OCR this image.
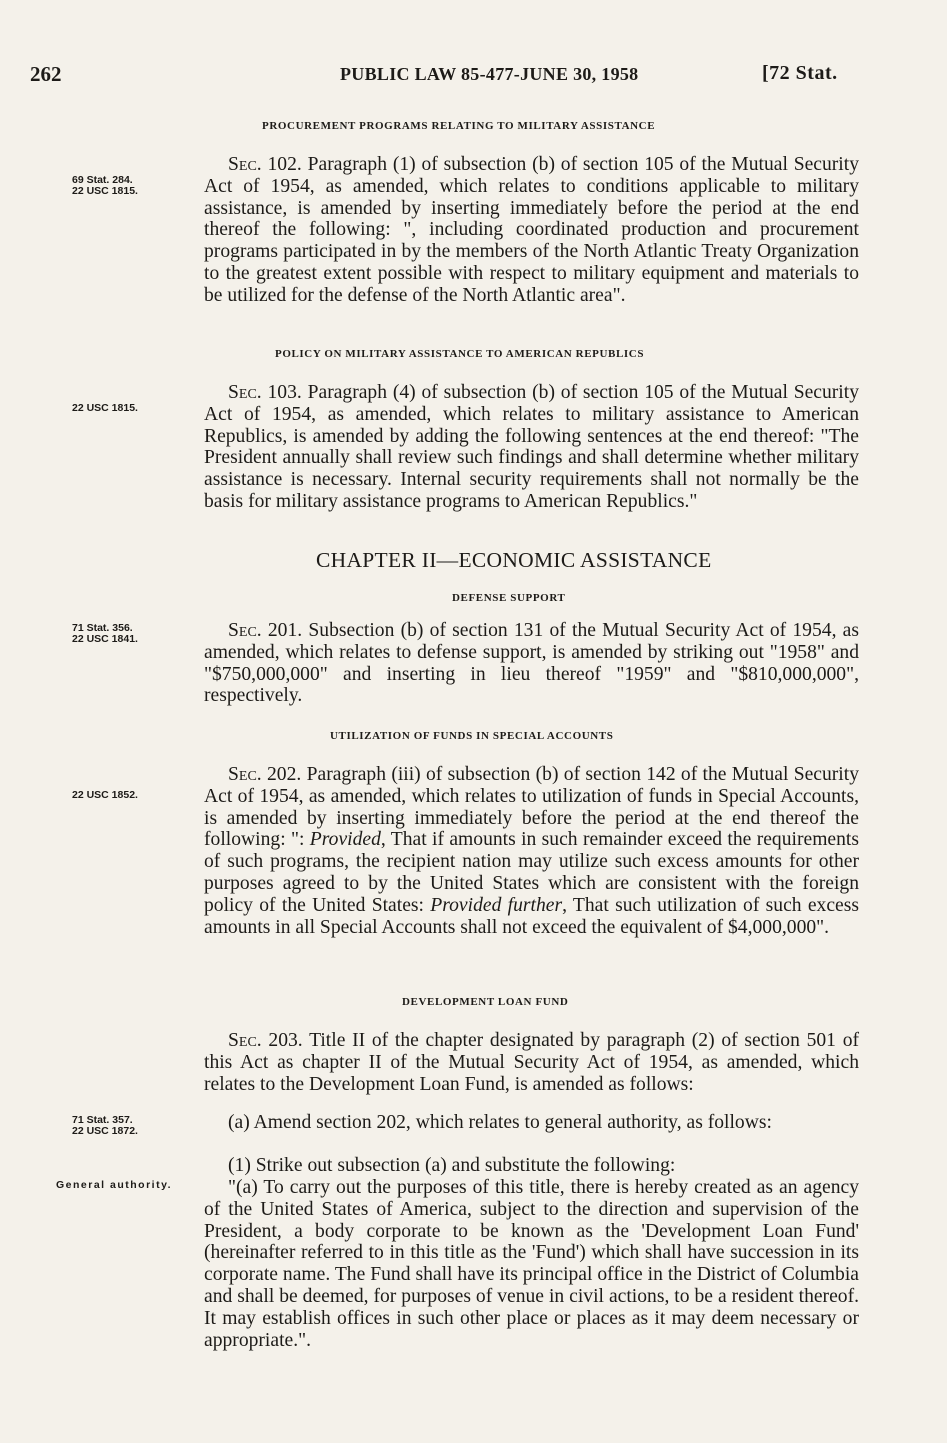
262	PUBLIC LAW 85-477-JUNE 30, 1958	[72 Stat.
PROCUREMENT PROGRAMS RELATING TO MILITARY ASSISTANCE
69 Stat. 284.
22 USC 1815.

Sec. 102. Paragraph (1) of subsection (b) of section 105 of the Mutual Security Act of 1954, as amended, which relates to conditions applicable to military assistance, is amended by inserting immediately before the period at the end thereof the following: ", including coordinated production and procurement programs participated in by the members of the North Atlantic Treaty Organization to the greatest extent possible with respect to military equipment and materials to be utilized for the defense of the North Atlantic area".

POLICY ON MILITARY ASSISTANCE TO AMERICAN REPUBLICS
22 USC 1815.

Sec. 103. Paragraph (4) of subsection (b) of section 105 of the Mutual Security Act of 1954, as amended, which relates to military assistance to American Republics, is amended by adding the following sentences at the end thereof: "The President annually shall review such findings and shall determine whether military assistance is necessary. Internal security requirements shall not normally be the basis for military assistance programs to American Republics."

CHAPTER II—ECONOMIC ASSISTANCE
DEFENSE SUPPORT
71 Stat. 356.
22 USC 1841.	Sec. 201. Subsection (b) of section 131 of the Mutual Security Act of 1954, as amended, which relates to defense support, is amended by striking out "1958" and "$750,000,000" and inserting in lieu thereof "1959" and "$810,000,000", respectively.

UTILIZATION OF FUNDS IN SPECIAL ACCOUNTS
22 USC 1852.

Sec. 202. Paragraph (iii) of subsection (b) of section 142 of the Mutual Security Act of 1954, as amended, which relates to utilization of funds in Special Accounts, is amended by inserting immediately before the period at the end thereof the following: ": Provided, That if amounts in such remainder exceed the requirements of such programs, the recipient nation may utilize such excess amounts for other purposes agreed to by the United States which are consistent with the foreign policy of the United States: Provided further, That such utilization of such excess amounts in all Special Accounts shall not exceed the equivalent of $4,000,000".

DEVELOPMENT LOAN FUND

Sec. 203. Title II of the chapter designated by paragraph (2) of section 501 of this Act as chapter II of the Mutual Security Act of 1954, as amended, which relates to the Development Loan Fund, is amended as follows:

71 Stat. 357.
22 USC 1872.	(a) Amend section 202, which relates to general authority, as follows:

(1) Strike out subsection (a) and substitute the following:

General authority.	"(a) To carry out the purposes of this title, there is hereby created as an agency of the United States of America, subject to the direction and supervision of the President, a body corporate to be known as the 'Development Loan Fund' (hereinafter referred to in this title as the 'Fund') which shall have succession in its corporate name. The Fund shall have its principal office in the District of Columbia and shall be deemed, for purposes of venue in civil actions, to be a resident thereof. It may establish offices in such other place or places as it may deem necessary or appropriate.".
